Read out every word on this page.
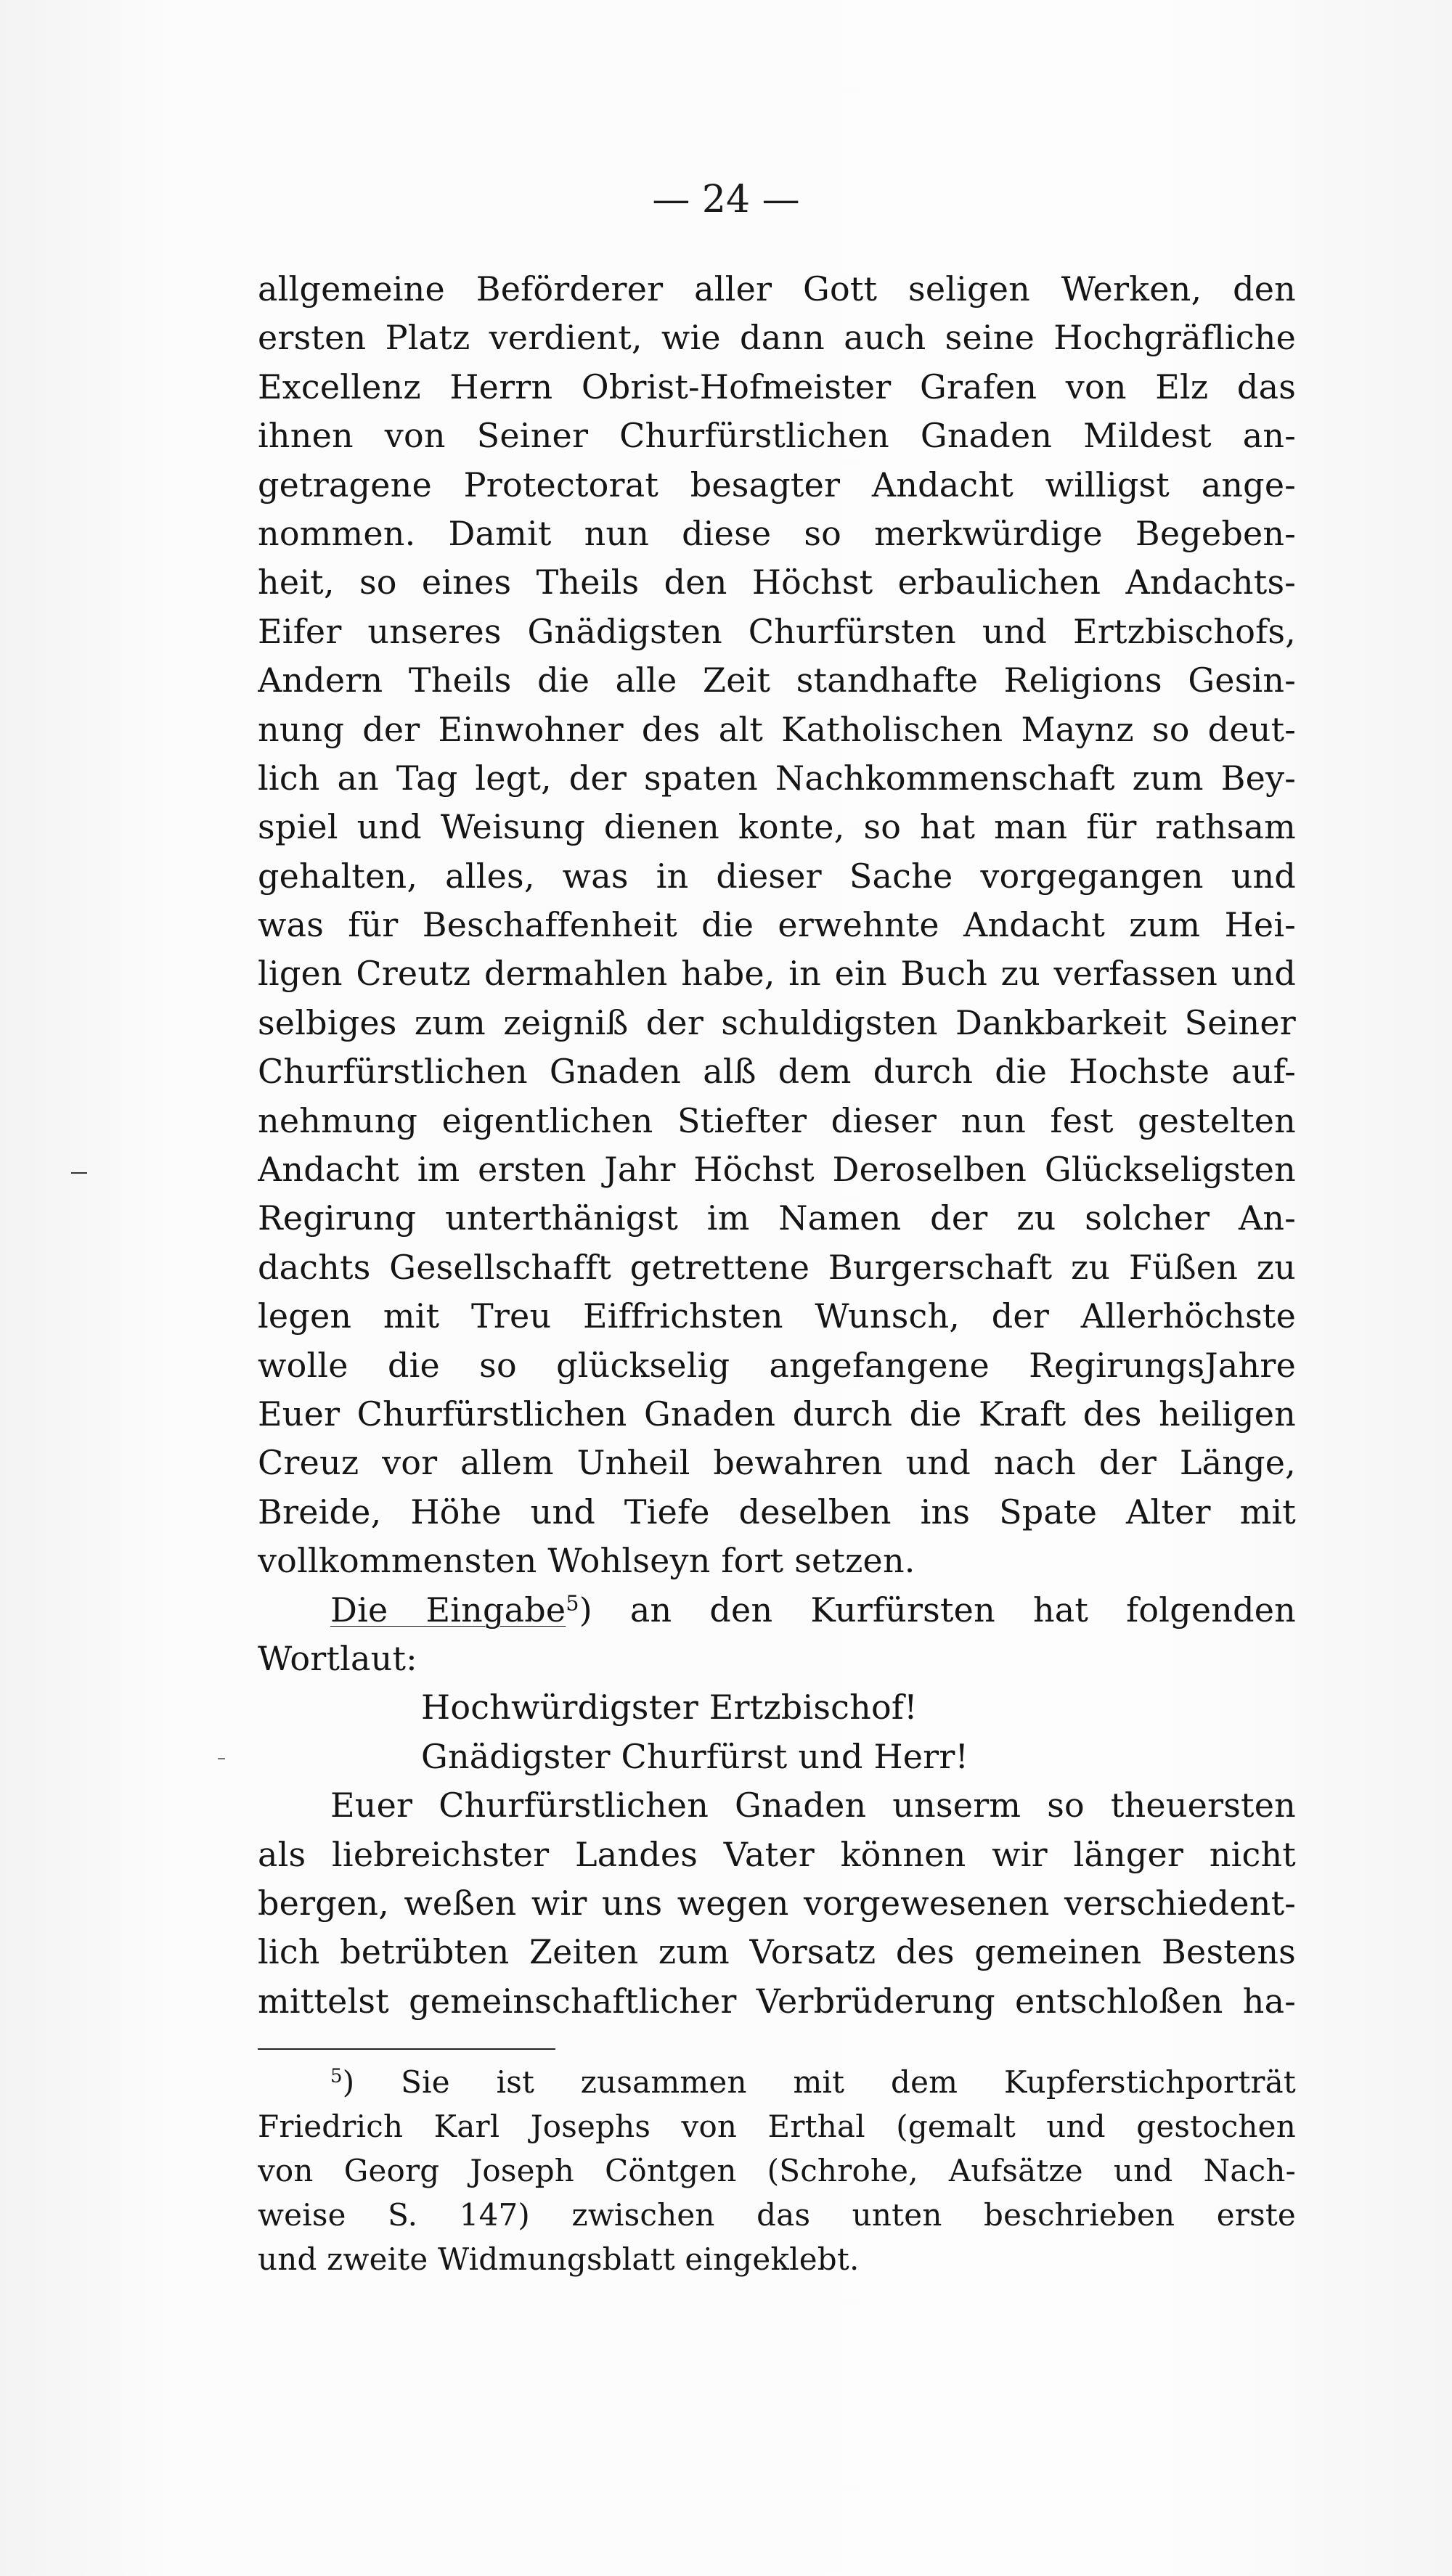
— 24 —
allgemeine Beförderer aller Gott seligen Werken, den
ersten Platz verdient, wie dann auch seine Hochgräfliche
Excellenz Herrn Obrist-Hofmeister Grafen von Elz das
ihnen von Seiner Churfürstlichen Gnaden Mildest an-
getragene Protectorat besagter Andacht willigst ange-
nommen. Damit nun diese so merkwürdige Begeben-
heit, so eines Theils den Höchst erbaulichen Andachts-
Eifer unseres Gnädigsten Churfürsten und Ertzbischofs,
Andern Theils die alle Zeit standhafte Religions Gesin-
nung der Einwohner des alt Katholischen Maynz so deut-
lich an Tag legt, der spaten Nachkommenschaft zum Bey-
spiel und Weisung dienen konte, so hat man für rathsam
gehalten, alles, was in dieser Sache vorgegangen und
was für Beschaffenheit die erwehnte Andacht zum Hei-
ligen Creutz dermahlen habe, in ein Buch zu verfassen und
selbiges zum zeigniß der schuldigsten Dankbarkeit Seiner
Churfürstlichen Gnaden alß dem durch die Hochste auf-
nehmung eigentlichen Stiefter dieser nun fest gestelten
Andacht im ersten Jahr Höchst Deroselben Glückseligsten
Regirung unterthänigst im Namen der zu solcher An-
dachts Gesellschafft getrettene Burgerschaft zu Füßen zu
legen mit Treu Eiffrichsten Wunsch, der Allerhöchste
wolle die so glückselig angefangene RegirungsJahre
Euer Churfürstlichen Gnaden durch die Kraft des heiligen
Creuz vor allem Unheil bewahren und nach der Länge,
Breide, Höhe und Tiefe deselben ins Spate Alter mit
vollkommensten Wohlseyn fort setzen.
Die Eingabe$^5$) an den Kurfürsten hat folgenden
Wortlaut:
Hochwürdigster Ertzbischof!
Gnädigster Churfürst und Herr!
Euer Churfürstlichen Gnaden unserm so theuersten
als liebreichster Landes Vater können wir länger nicht
bergen, weßen wir uns wegen vorgewesenen verschiedent-
lich betrübten Zeiten zum Vorsatz des gemeinen Bestens
mittelst gemeinschaftlicher Verbrüderung entschloßen ha-
$^5$) Sie ist zusammen mit dem Kupferstichporträt
Friedrich Karl Josephs von Erthal (gemalt und gestochen
von Georg Joseph Cöntgen (Schrohe, Aufsätze und Nach-
weise S. 147) zwischen das unten beschrieben erste
und zweite Widmungsblatt eingeklebt.
